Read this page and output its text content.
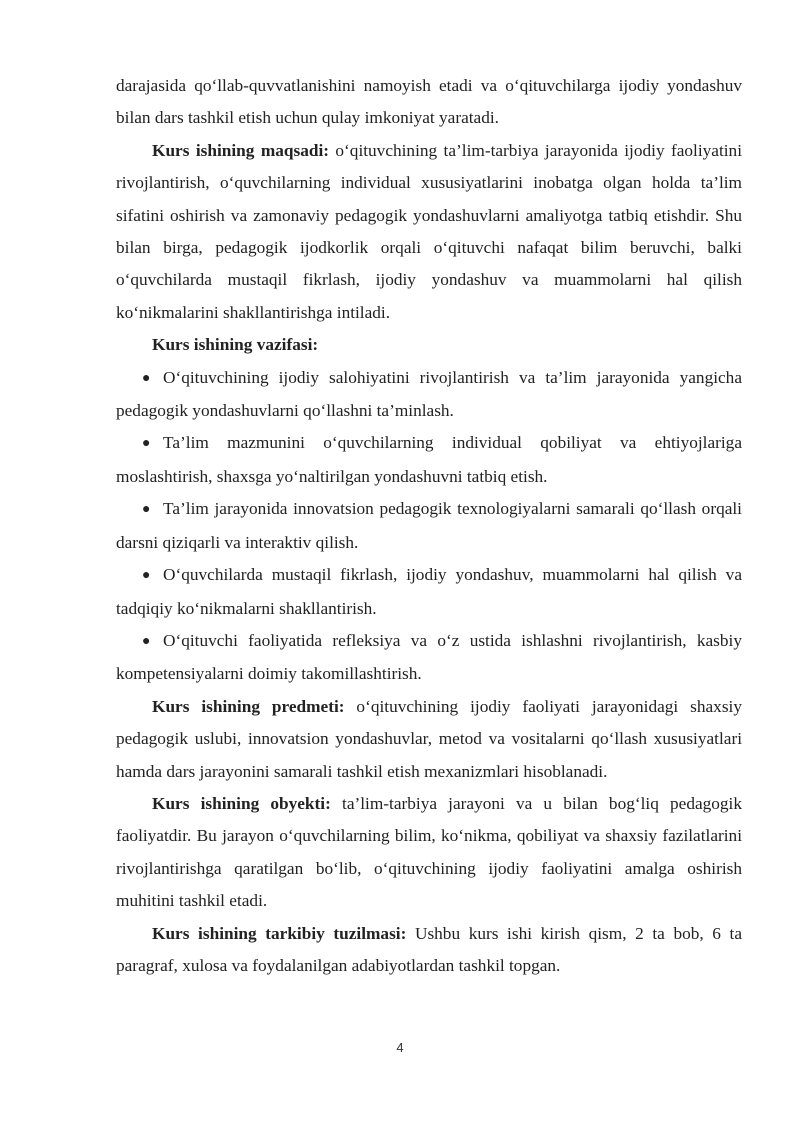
darajasida qo‘llab-quvvatlanishini namoyish etadi va o‘qituvchilarga ijodiy yondashuv bilan dars tashkil etish uchun qulay imkoniyat yaratadi.

Kurs ishining maqsadi: o‘qituvchining ta’lim-tarbiya jarayonida ijodiy faoliyatini rivojlantirish, o‘quvchilarning individual xususiyatlarini inobatga olgan holda ta’lim sifatini oshirish va zamonaviy pedagogik yondashuvlarni amaliyotga tatbiq etishdir. Shu bilan birga, pedagogik ijodkorlik orqali o‘qituvchi nafaqat bilim beruvchi, balki o‘quvchilarda mustaqil fikrlash, ijodiy yondashuv va muammolarni hal qilish ko‘nikmalarini shakllantirishga intiladi.

Kurs ishining vazifasi:

● O‘qituvchining ijodiy salohiyatini rivojlantirish va ta’lim jarayonida yangicha pedagogik yondashuvlarni qo‘llashni ta’minlash.
● Ta’lim mazmunini o‘quvchilarning individual qobiliyat va ehtiyojlariga moslashtirish, shaxsga yo‘naltirilgan yondashuvni tatbiq etish.
● Ta’lim jarayonida innovatsion pedagogik texnologiyalarni samarali qo‘llash orqali darsni qiziqarli va interaktiv qilish.
● O‘quvchilarda mustaqil fikrlash, ijodiy yondashuv, muammolarni hal qilish va tadqiqiy ko‘nikmalarni shakllantirish.
● O‘qituvchi faoliyatida refleksiya va o‘z ustida ishlashni rivojlantirish, kasbiy kompetensiyalarni doimiy takomillashtirish.

Kurs ishining predmeti: o‘qituvchining ijodiy faoliyati jarayonidagi shaxsiy pedagogik uslubi, innovatsion yondashuvlar, metod va vositalarni qo‘llash xususiyatlari hamda dars jarayonini samarali tashkil etish mexanizmlari hisoblanadi.

Kurs ishining obyekti: ta’lim-tarbiya jarayoni va u bilan bog‘liq pedagogik faoliyatdir. Bu jarayon o‘quvchilarning bilim, ko‘nikma, qobiliyat va shaxsiy fazilatlarini rivojlantirishga qaratilgan bo‘lib, o‘qituvchining ijodiy faoliyatini amalga oshirish muhitini tashkil etadi.

Kurs ishining tarkibiy tuzilmasi: Ushbu kurs ishi kirish qism, 2 ta bob, 6 ta paragraf, xulosa va foydalanilgan adabiyotlardan tashkil topgan.

4
